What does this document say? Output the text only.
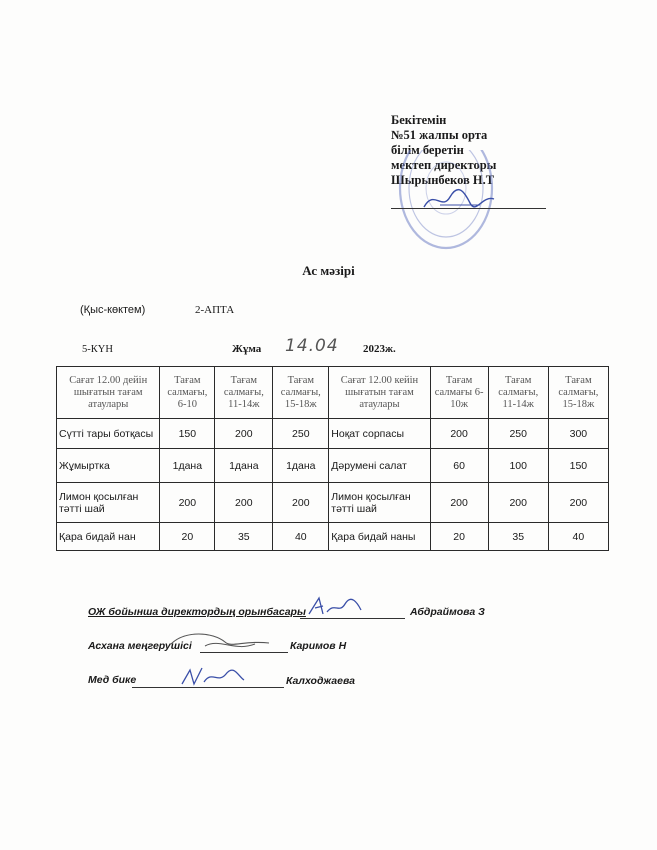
Бекітемін
№51 жалпы орта
білім беретін
мектеп директоры
Шырынбеков Н.Т
Ас мәзірі
(Қыс-көктем)	2-АПТА
5-КҮН	Жұма 14.04 2023ж.
Сағат 12.00 дейін шығатын тағам атаулары	Тағам салмағы, 6-10	Тағам салмағы, 11-14ж	Тағам салмағы, 15-18ж	Сағат 12.00 кейін шығатын тағам атаулары	Тағам салмағы 6-10ж	Тағам салмағы, 11-14ж	Тағам салмағы, 15-18ж
Сүтті тары ботқасы	150	200	250	Ноқат сорпасы	200	250	300
Жұмыртка	1дана	1дана	1дана	Дәрумені салат	60	100	150
Лимон қосылған тәтті шай	200	200	200	Лимон қосылған тәтті шай	200	200	200
Қара бидай нан	20	35	40	Қара бидай наны	20	35	40
ОЖ бойынша директордың орынбасары	Абдраймова З
Асхана меңгерушісі	Каримов Н
Мед бике	Калходжаева
